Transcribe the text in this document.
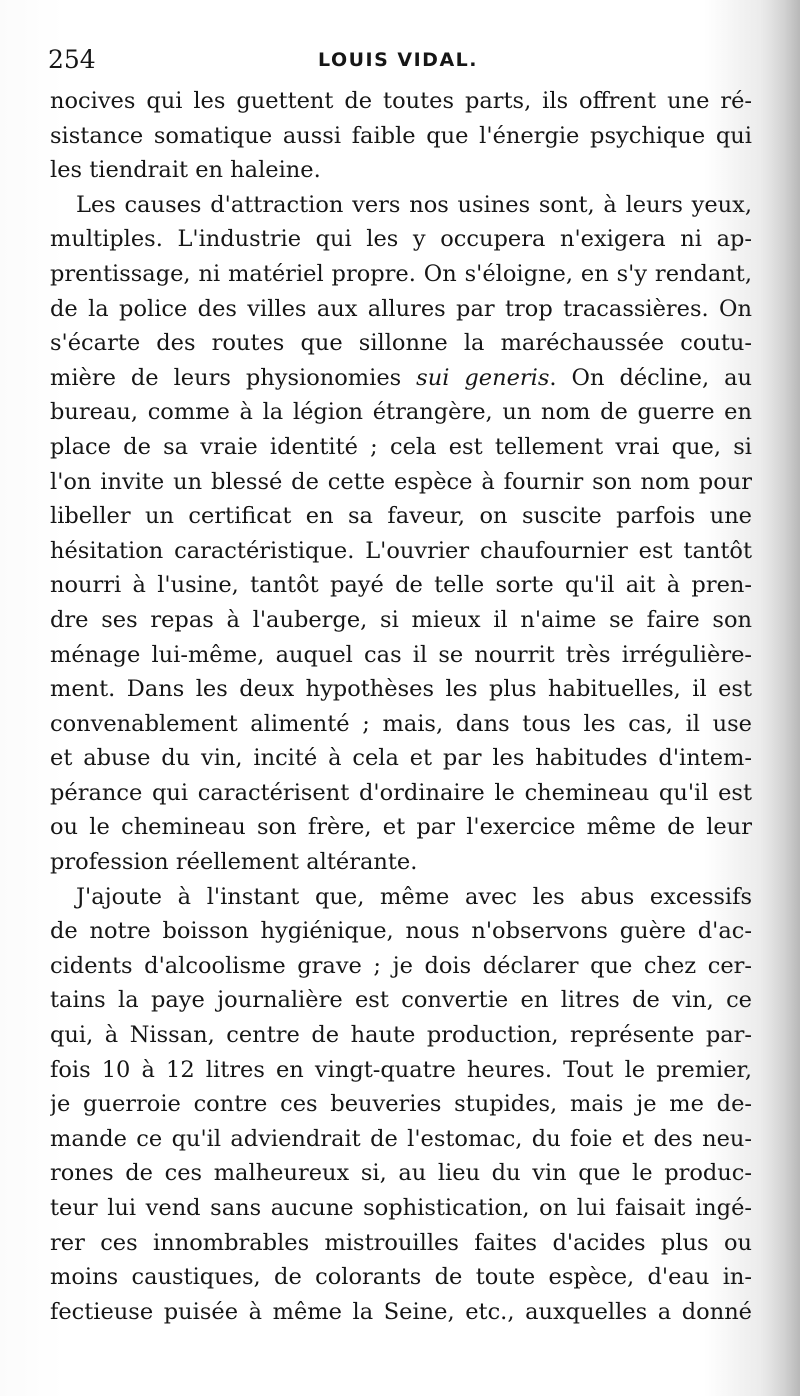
254	LOUIS VIDAL.
nocives qui les guettent de toutes parts, ils offrent une ré-
sistance somatique aussi faible que l'énergie psychique qui
les tiendrait en haleine.
Les causes d'attraction vers nos usines sont, à leurs yeux,
multiples. L'industrie qui les y occupera n'exigera ni ap-
prentissage, ni matériel propre. On s'éloigne, en s'y rendant,
de la police des villes aux allures par trop tracassières. On
s'écarte des routes que sillonne la maréchaussée coutu-
mière de leurs physionomies sui generis. On décline, au
bureau, comme à la légion étrangère, un nom de guerre en
place de sa vraie identité ; cela est tellement vrai que, si
l'on invite un blessé de cette espèce à fournir son nom pour
libeller un certificat en sa faveur, on suscite parfois une
hésitation caractéristique. L'ouvrier chaufournier est tantôt
nourri à l'usine, tantôt payé de telle sorte qu'il ait à pren-
dre ses repas à l'auberge, si mieux il n'aime se faire son
ménage lui-même, auquel cas il se nourrit très irrégulière-
ment. Dans les deux hypothèses les plus habituelles, il est
convenablement alimenté ; mais, dans tous les cas, il use
et abuse du vin, incité à cela et par les habitudes d'intem-
pérance qui caractérisent d'ordinaire le chemineau qu'il est
ou le chemineau son frère, et par l'exercice même de leur
profession réellement altérante.
J'ajoute à l'instant que, même avec les abus excessifs
de notre boisson hygiénique, nous n'observons guère d'ac-
cidents d'alcoolisme grave ; je dois déclarer que chez cer-
tains la paye journalière est convertie en litres de vin, ce
qui, à Nissan, centre de haute production, représente par-
fois 10 à 12 litres en vingt-quatre heures. Tout le premier,
je guerroie contre ces beuveries stupides, mais je me de-
mande ce qu'il adviendrait de l'estomac, du foie et des neu-
rones de ces malheureux si, au lieu du vin que le produc-
teur lui vend sans aucune sophistication, on lui faisait ingé-
rer ces innombrables mistrouilles faites d'acides plus ou
moins caustiques, de colorants de toute espèce, d'eau in-
fectieuse puisée à même la Seine, etc., auxquelles a donné
